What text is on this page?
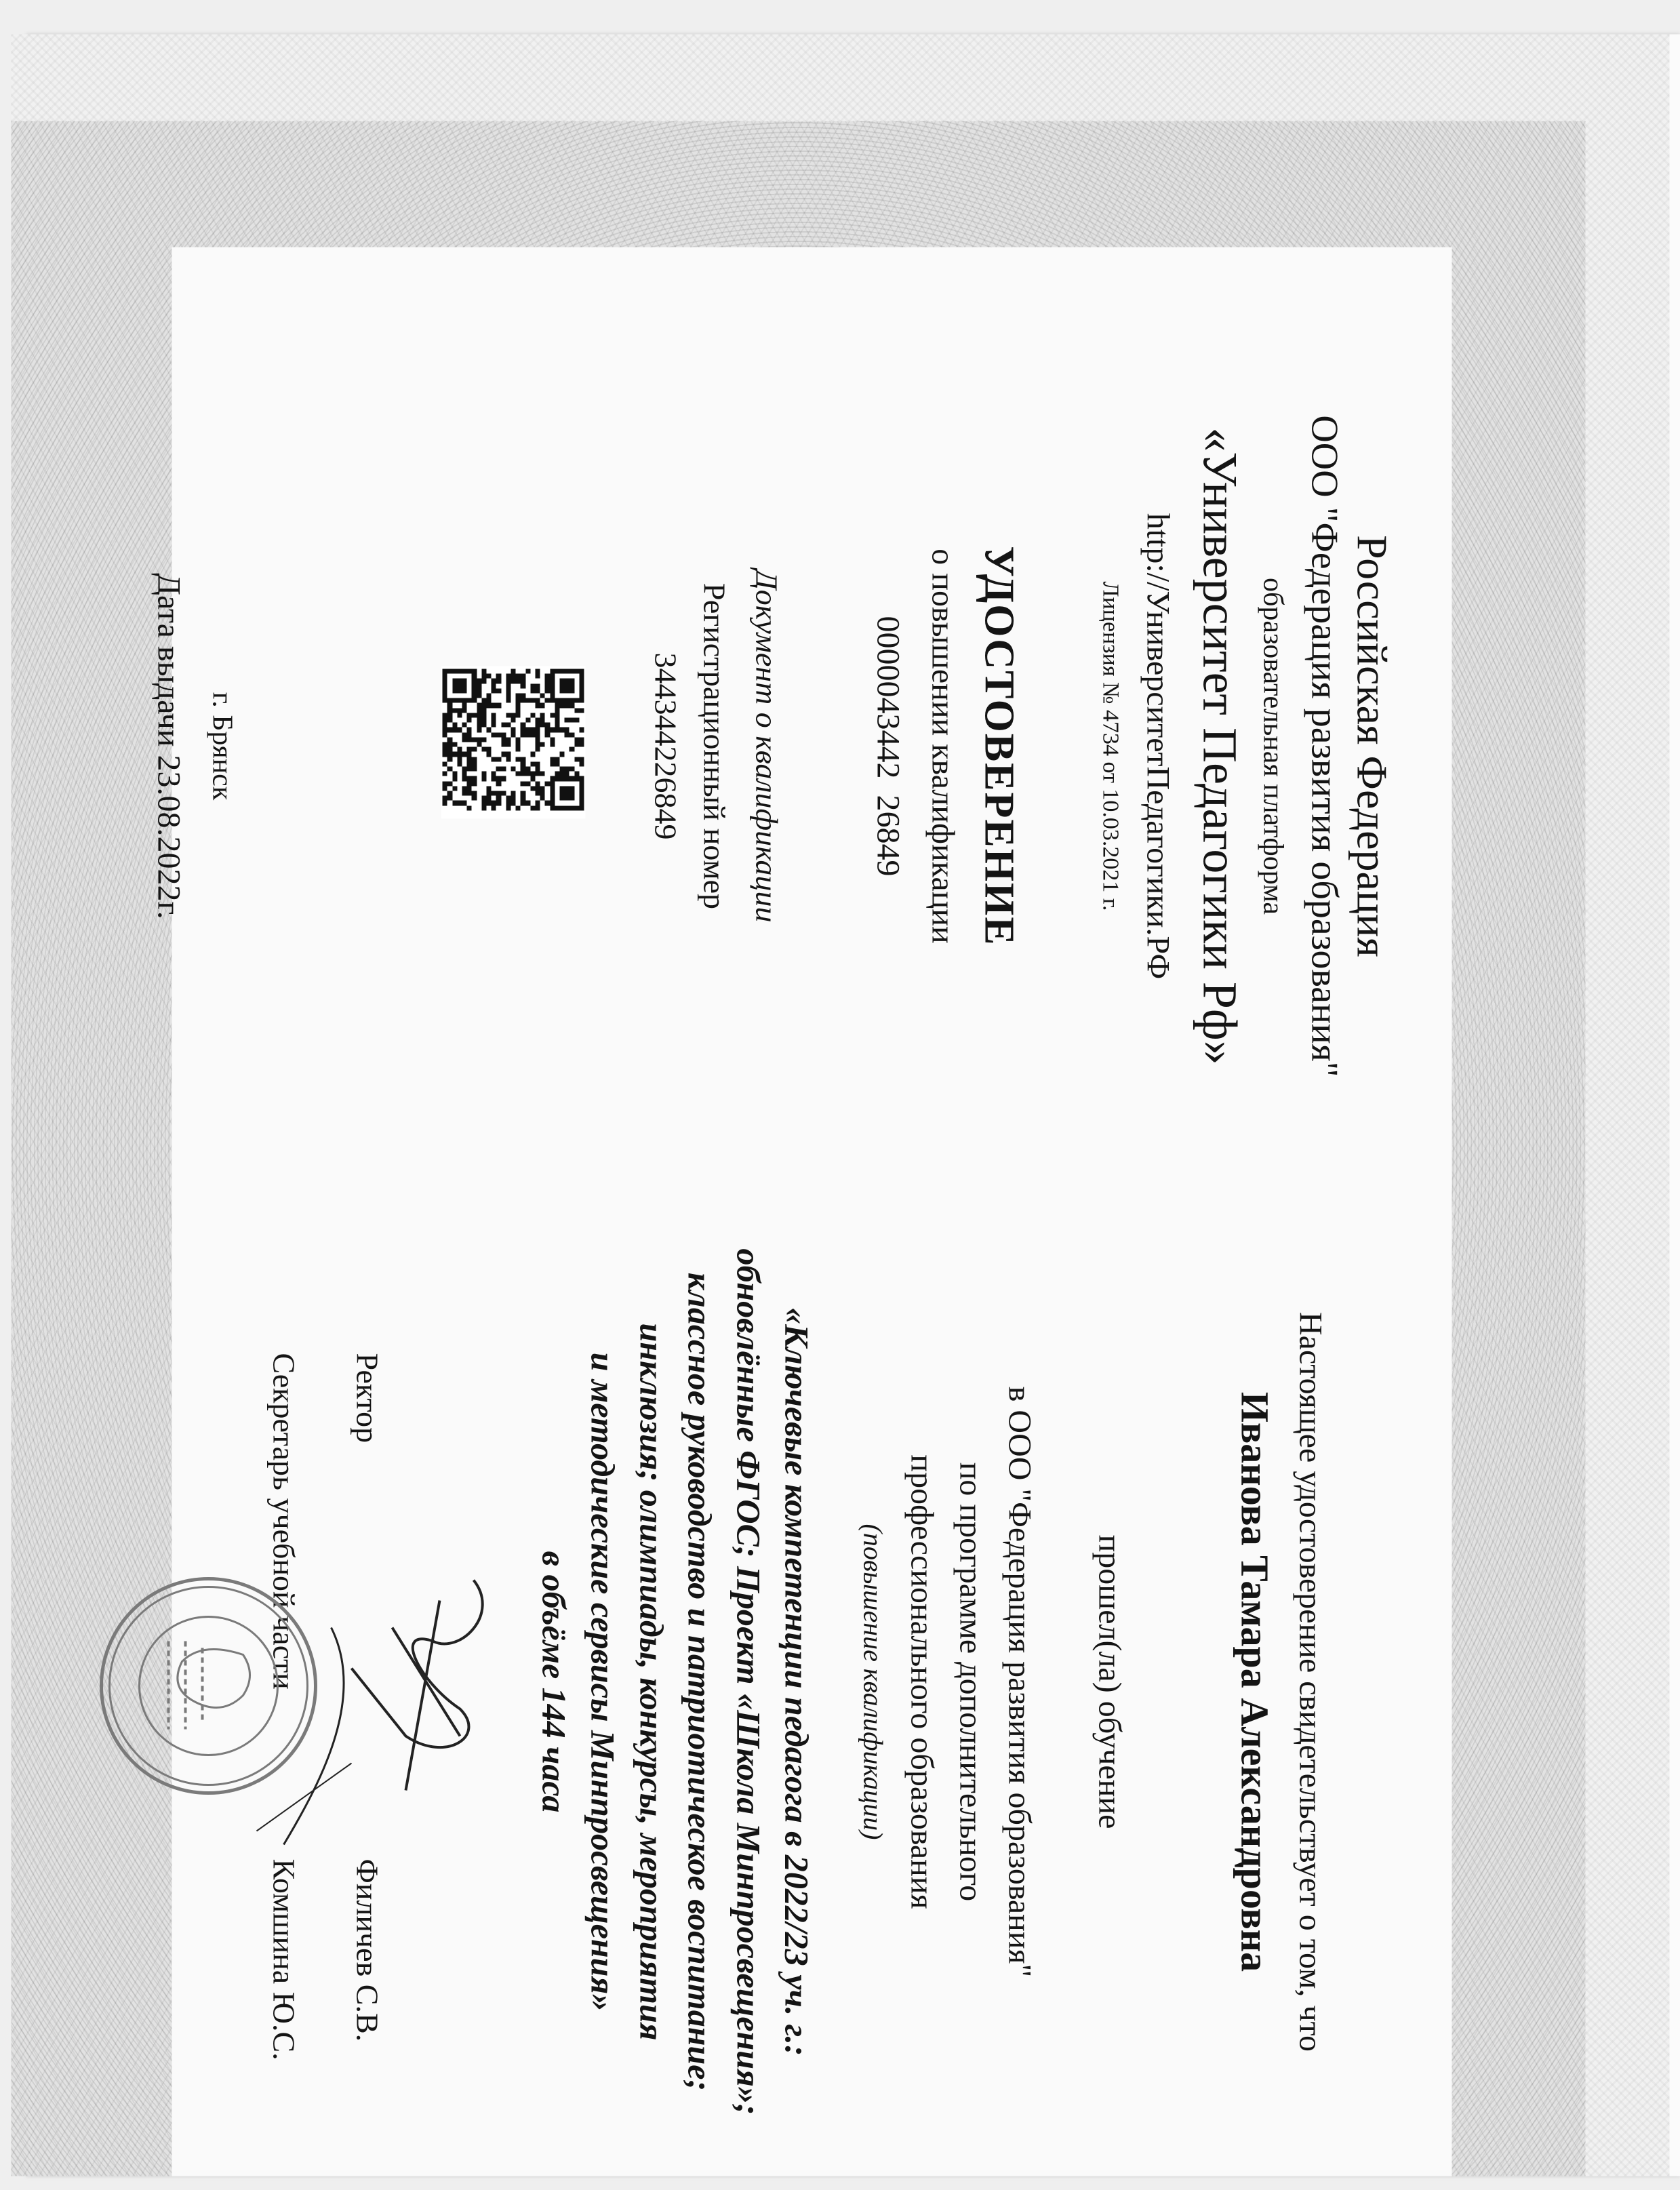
Российская Федерация
ООО "Федерация развития образования"
образовательная платформа
«Университет Педагогики Рф»
http://УниверситетПедагогики.РФ
Лицензия № 4734 от 10.03.2021 г.
УДОСТОВЕРЕНИЕ
о повышении квалификации
0000043442  26849
Документ о квалификации
Регистрационный номер
344344226849
г. Брянск
Дата выдачи 23.08.2022г.
Настоящее удостоверение свидетельствует о том, что
Иванова Тамара Александровна
прошел(ла) обучение
в ООО "Федерация развития образования"
по программе дополнительного
профессионального образования
(повышение квалификации)
«Ключевые компетенции педагога в 2022/23 уч. г.:
обновлённые ФГОС; Проект «Школа Минпросвещения»;
классное руководство и патриотическое воспитание;
инклюзия; олимпиады, конкурсы, мероприятия
и методические сервисы Минпросвещения»
в объёме 144 часа
Ректор
Филичев С.В.
Секретарь учебной части
Комшина Ю.С.
